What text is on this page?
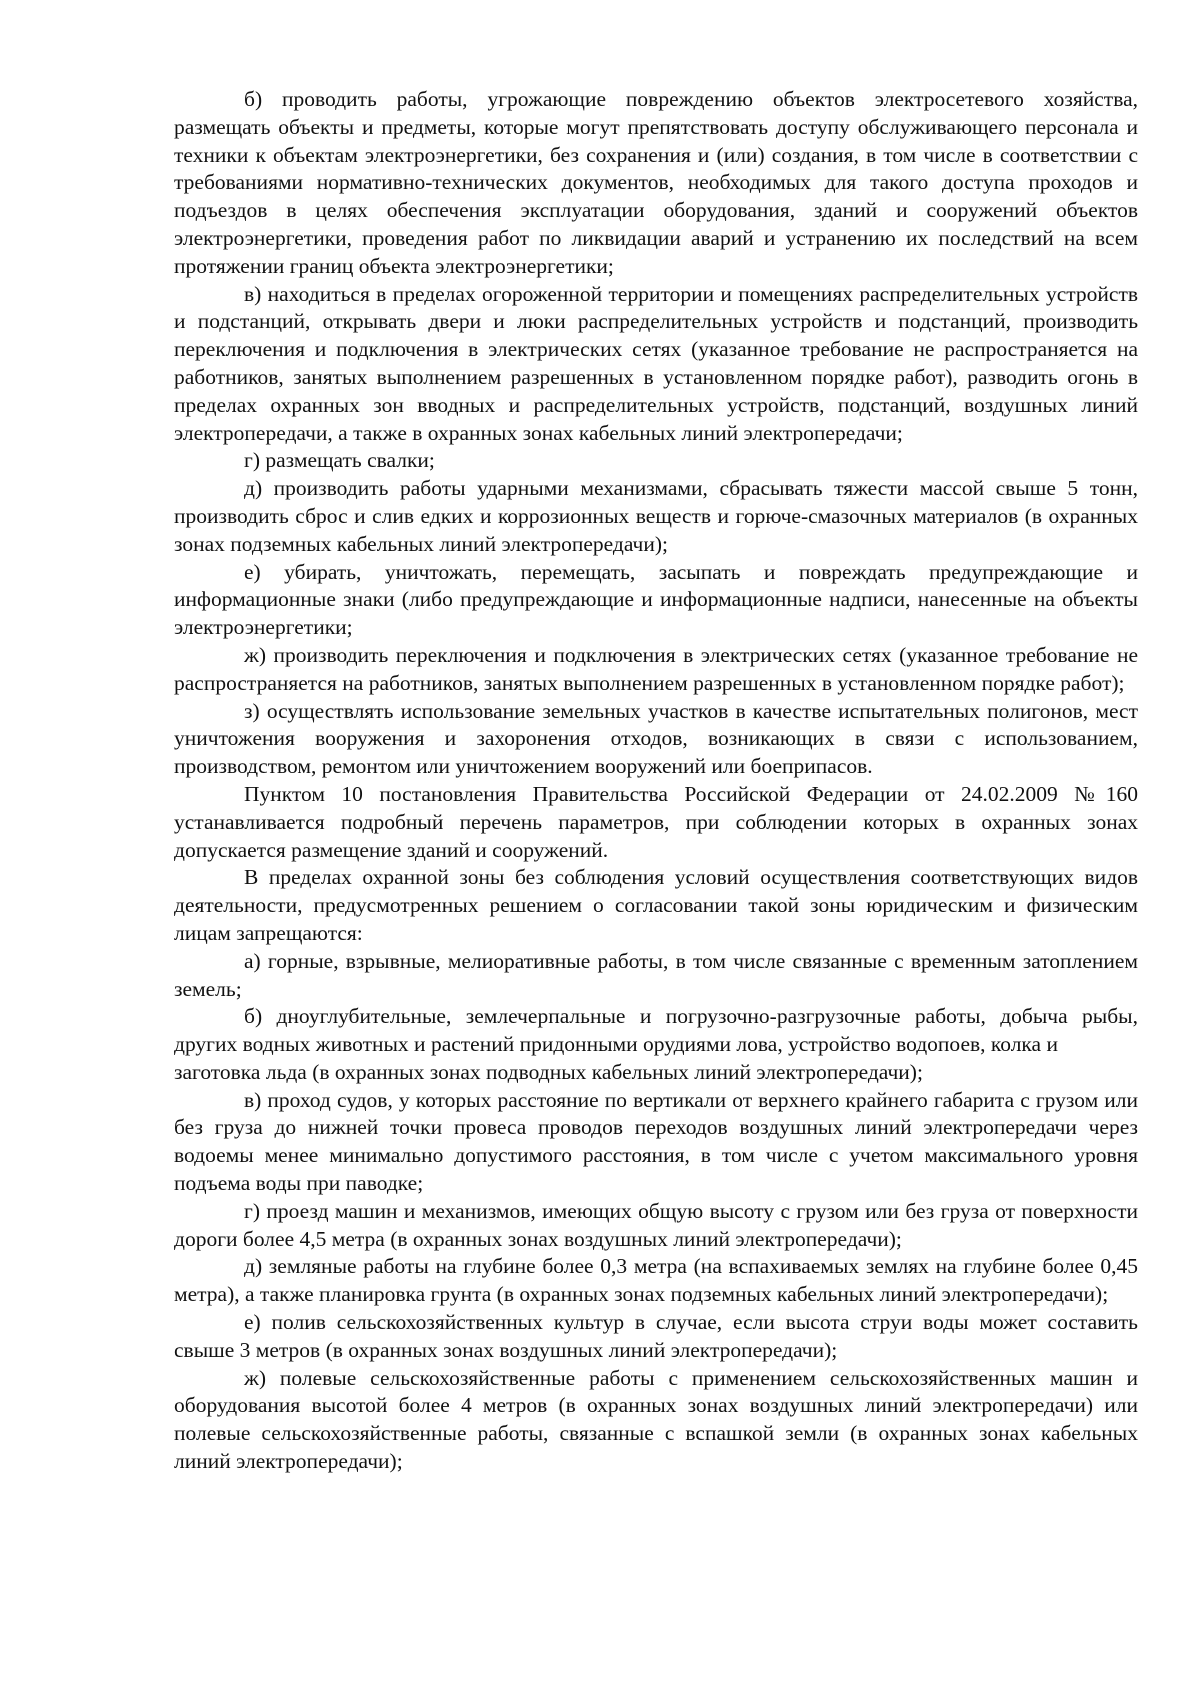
б) проводить работы, угрожающие повреждению объектов электросетевого хозяйства, размещать объекты и предметы, которые могут препятствовать доступу обслуживающего персонала и техники к объектам электроэнергетики, без сохранения и (или) создания, в том числе в соответствии с требованиями нормативно-технических документов, необходимых для такого доступа проходов и подъездов в целях обеспечения эксплуатации оборудования, зданий и сооружений объектов электроэнергетики, проведения работ по ликвидации аварий и устранению их последствий на всем протяжении границ объекта электроэнергетики;

в) находиться в пределах огороженной территории и помещениях распределительных устройств и подстанций, открывать двери и люки распределительных устройств и подстанций, производить переключения и подключения в электрических сетях (указанное требование не распространяется на работников, занятых выполнением разрешенных в установленном порядке работ), разводить огонь в пределах охранных зон вводных и распределительных устройств, подстанций, воздушных линий электропередачи, а также в охранных зонах кабельных линий электропередачи;

г) размещать свалки;

д) производить работы ударными механизмами, сбрасывать тяжести массой свыше 5 тонн, производить сброс и слив едких и коррозионных веществ и горюче-смазочных материалов (в охранных зонах подземных кабельных линий электропередачи);

е) убирать, уничтожать, перемещать, засыпать и повреждать предупреждающие и информационные знаки (либо предупреждающие и информационные надписи, нанесенные на объекты электроэнергетики;

ж) производить переключения и подключения в электрических сетях (указанное требование не распространяется на работников, занятых выполнением разрешенных в установленном порядке работ);

з) осуществлять использование земельных участков в качестве испытательных полигонов, мест уничтожения вооружения и захоронения отходов, возникающих в связи с использованием, производством, ремонтом или уничтожением вооружений или боеприпасов.

Пунктом 10 постановления Правительства Российской Федерации от 24.02.2009 №160 устанавливается подробный перечень параметров, при соблюдении которых в охранных зонах допускается размещение зданий и сооружений.

В пределах охранной зоны без соблюдения условий осуществления соответствующих видов деятельности, предусмотренных решением о согласовании такой зоны юридическим и физическим лицам запрещаются:

а) горные, взрывные, мелиоративные работы, в том числе связанные с временным затоплением земель;

б) дноуглубительные, землечерпальные и погрузочно-разгрузочные работы, добыча рыбы, других водных животных и растений придонными орудиями лова, устройство водопоев, колка и

заготовка льда (в охранных зонах подводных кабельных линий электропередачи);

в) проход судов, у которых расстояние по вертикали от верхнего крайнего габарита с грузом или без груза до нижней точки провеса проводов переходов воздушных линий электропередачи через водоемы менее минимально допустимого расстояния, в том числе с учетом максимального уровня подъема воды при паводке;

г) проезд машин и механизмов, имеющих общую высоту с грузом или без груза от поверхности дороги более 4,5 метра (в охранных зонах воздушных линий электропередачи);

д) земляные работы на глубине более 0,3 метра (на вспахиваемых землях на глубине более 0,45 метра), а также планировка грунта (в охранных зонах подземных кабельных линий электропередачи);

е) полив сельскохозяйственных культур в случае, если высота струи воды может составить свыше 3 метров (в охранных зонах воздушных линий электропередачи);

ж) полевые сельскохозяйственные работы с применением сельскохозяйственных машин и оборудования высотой более 4 метров (в охранных зонах воздушных линий электропередачи) или полевые сельскохозяйственные работы, связанные с вспашкой земли (в охранных зонах кабельных линий электропередачи);
